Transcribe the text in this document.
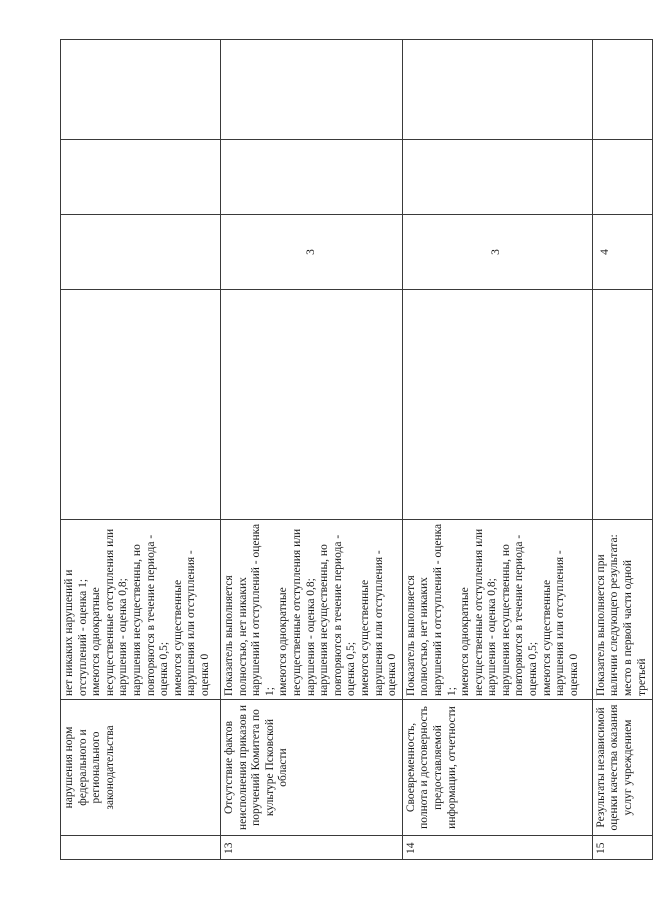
	нарушения норм федерального и регионального законодательства	нет никаких нарушений и отступлений - оценка 1;
имеются однократные несущественные отступления или нарушения - оценка 0,8;
нарушения несущественны, но повторяются в течение периода - оценка 0,5;
имеются существенные нарушения или отступления - оценка 0				
13	Отсутствие фактов неисполнения приказов и поручений Комитета по культуре Псковской области	Показатель выполняется полностью, нет никаких нарушений и отступлений - оценка 1;
имеются однократные несущественные отступления или нарушения - оценка 0,8;
нарушения несущественны, но повторяются в течение периода - оценка 0,5;
имеются существенные нарушения или отступления - оценка 0		3		
14	Своевременность, полнота и достоверность предоставляемой информации, отчетности	Показатель выполняется полностью, нет никаких нарушений и отступлений - оценка 1;
имеются однократные несущественные отступления или нарушения - оценка 0,8;
нарушения несущественны, но повторяются в течение периода - оценка 0,5;
имеются существенные нарушения или отступления - оценка 0		3		
15	Результаты независимой оценки качества оказания услуг учреждением	Показатель выполняется при наличии следующего результата:
место в первой части одной третьей		4		
